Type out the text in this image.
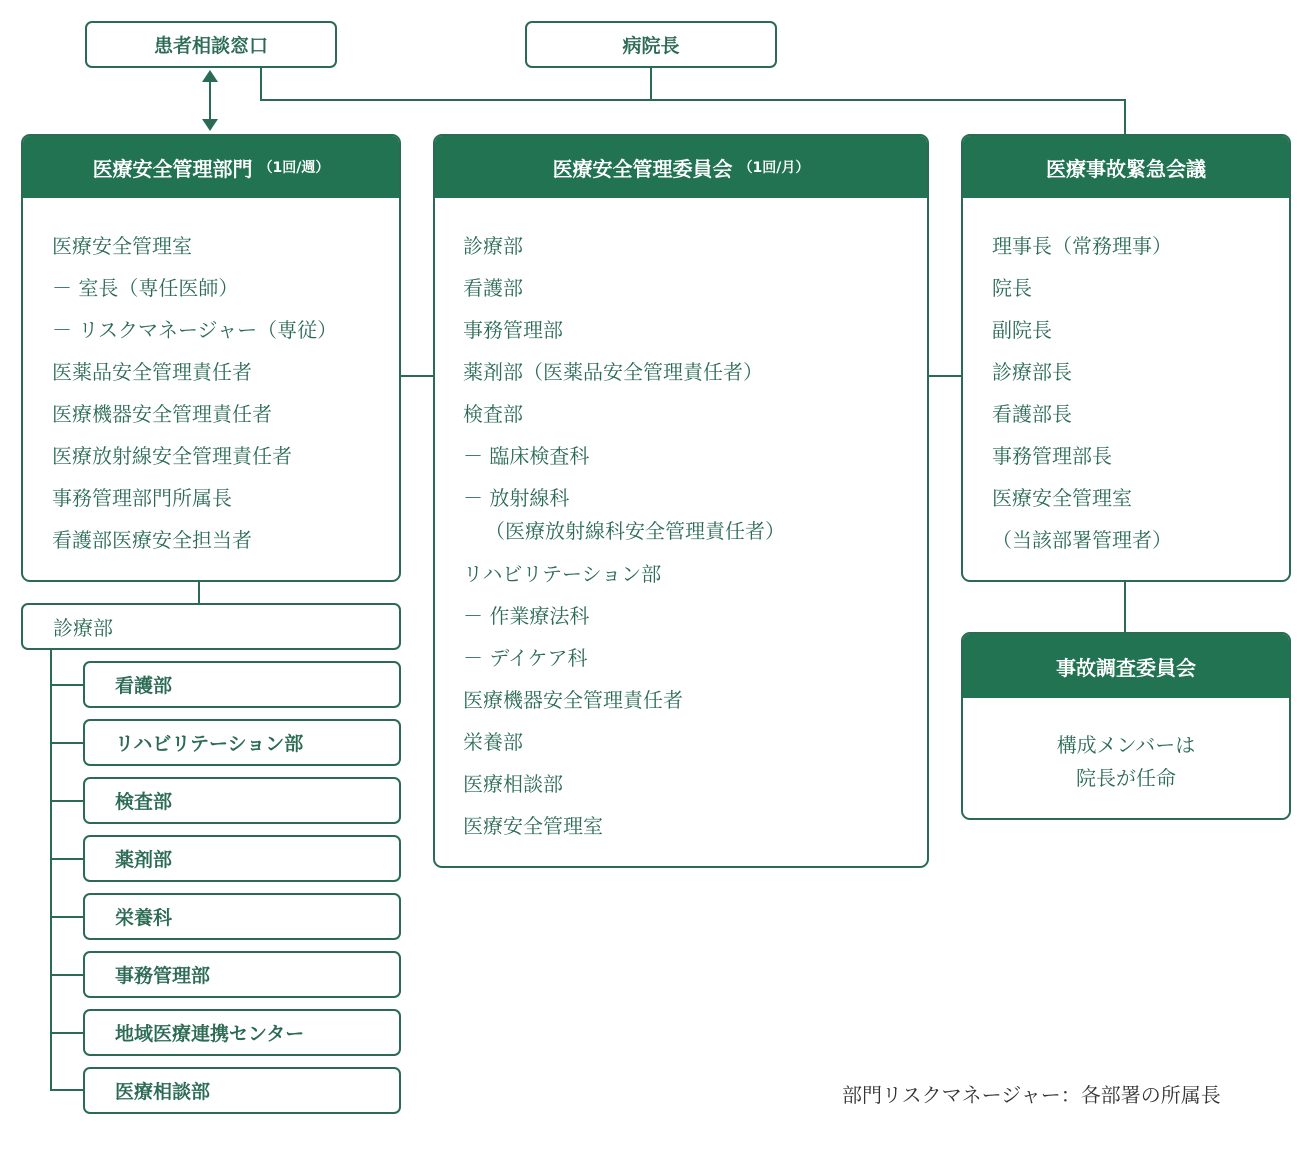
患者相談窓口	病院長
医療安全管理部門 （1回/週）
医療安全管理室
－ 室長（専任医師）
－ リスクマネージャー（専従）
医薬品安全管理責任者
医療機器安全管理責任者
医療放射線安全管理責任者
事務管理部門所属長
看護部医療安全担当者
医療安全管理委員会 （1回/月）
診療部
看護部
事務管理部
薬剤部（医薬品安全管理責任者）
検査部
－ 臨床検査科
－ 放射線科
（医療放射線科安全管理責任者）
リハビリテーション部
－ 作業療法科
－ デイケア科
医療機器安全管理責任者
栄養部
医療相談部
医療安全管理室
医療事故緊急会議
理事長（常務理事）
院長
副院長
診療部長
看護部長
事務管理部長
医療安全管理室
（当該部署管理者）
事故調査委員会
構成メンバーは
院長が任命
診療部
看護部
リハビリテーション部
検査部
薬剤部
栄養科
事務管理部
地域医療連携センター
医療相談部	部門リスクマネージャー：各部署の所属長
